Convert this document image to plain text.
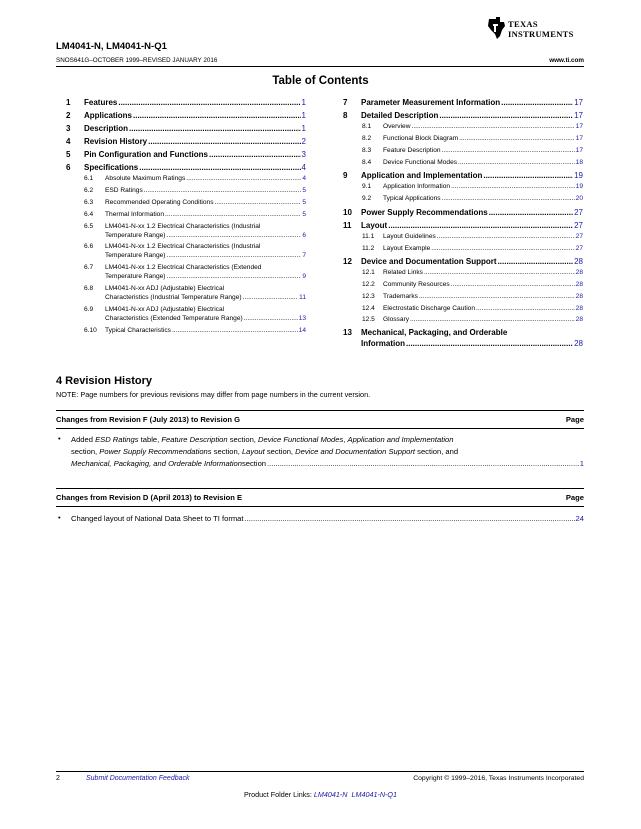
LM4041-N, LM4041-N-Q1
SNOS641G–OCTOBER 1999–REVISED JANUARY 2016	www.ti.com
TEXAS
INSTRUMENTS
Table of Contents
1	Features .....	1
2	Applications .....	1
3	Description .....	1
4	Revision History .....	2
5	Pin Configuration and Functions .....	3
6	Specifications .....	4
6.1	Absolute Maximum Ratings .....	4
6.2	ESD Ratings .....	5
6.3	Recommended Operating Conditions .....	5
6.4	Thermal Information .....	5
6.5 LM4041-N-xx 1.2 Electrical Characteristics (Industrial
Temperature Range) .....	6
6.6 LM4041-N-xx 1.2 Electrical Characteristics (Industrial
Temperature Range) .....	7
6.7 LM4041-N-xx 1.2 Electrical Characteristics (Extended
Temperature Range) .....	9
6.8 LM4041-N-xx ADJ (Adjustable) Electrical
Characteristics (Industrial Temperature Range) .....	11
6.9 LM4041-N-xx ADJ (Adjustable) Electrical
Characteristics (Extended Temperature Range) .....	13
6.10	Typical Characteristics .....	14
7	Parameter Measurement Information .....	17
8	Detailed Description .....	17
8.1	Overview .....	17
8.2	Functional Block Diagram .....	17
8.3	Feature Description .....	17
8.4	Device Functional Modes .....	18
9	Application and Implementation .....	19
9.1	Application Information .....	19
9.2	Typical Applications .....	20
10	Power Supply Recommendations .....	27
11	Layout .....	27
11.1	Layout Guidelines .....	27
11.2	Layout Example .....	27
12	Device and Documentation Support .....	28
12.1	Related Links .....	28
12.2	Community Resources .....	28
12.3	Trademarks .....	28
12.4	Electrostatic Discharge Caution .....	28
12.5	Glossary .....	28
13 Mechanical, Packaging, and Orderable
Information .....	28
4 Revision History
NOTE: Page numbers for previous revisions may differ from page numbers in the current version.
Changes from Revision F (July 2013) to Revision G	Page
• Added ESD Ratings table, Feature Description section, Device Functional Modes, Application and Implementation
section, Power Supply Recommendations section, Layout section, Device and Documentation Support section, and
Mechanical, Packaging, and Orderable Information section .....	1
Changes from Revision D (April 2013) to Revision E	Page
• Changed layout of National Data Sheet to TI format .....	24
2	Submit Documentation Feedback	Copyright © 1999–2016, Texas Instruments Incorporated
Product Folder Links: LM4041-N LM4041-N-Q1
